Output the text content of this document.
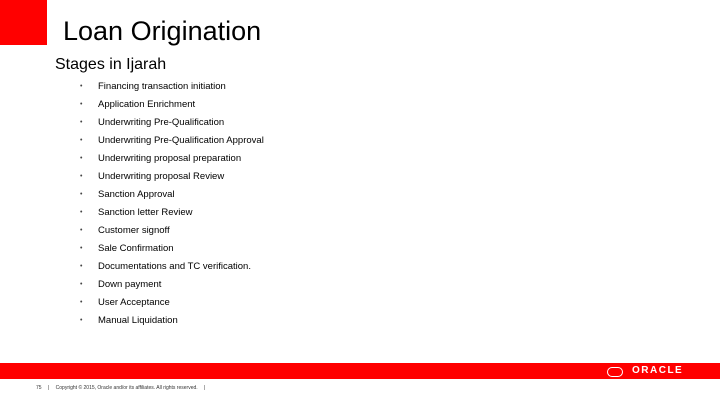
Loan Origination
Stages in Ijarah
• Financing transaction initiation
• Application Enrichment
• Underwriting Pre-Qualification
• Underwriting Pre-Qualification Approval
• Underwriting proposal preparation
• Underwriting proposal Review
• Sanction Approval
• Sanction letter Review
• Customer signoff
• Sale Confirmation
• Documentations and TC verification.
• Down payment
• User Acceptance
• Manual Liquidation
ORACLE
75 | Copyright © 2015, Oracle and/or its affiliates. All rights reserved. |
